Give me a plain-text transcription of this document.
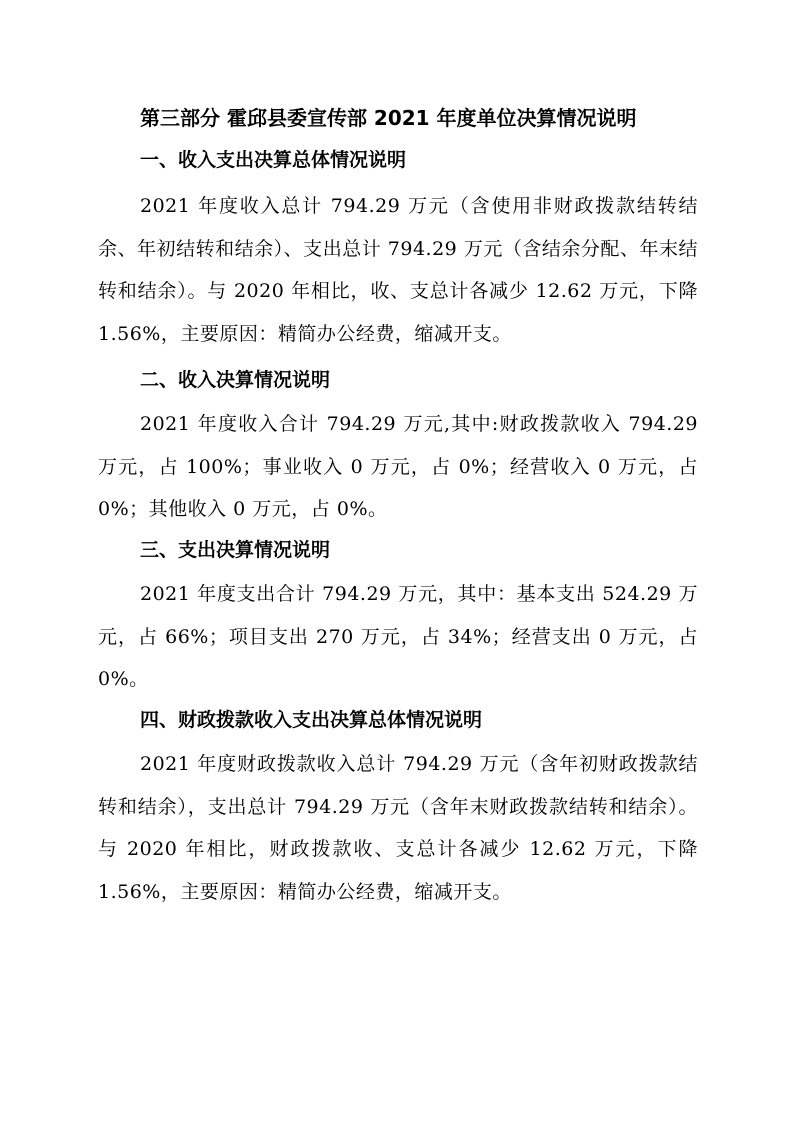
第三部分 霍邱县委宣传部 2021 年度单位决算情况说明
一、收入支出决算总体情况说明
2021 年度收入总计 794.29 万元（含使用非财政拨款结转结余、年初结转和结余）、支出总计 794.29 万元（含结余分配、年末结转和结余）。与 2020 年相比，收、支总计各减少 12.62 万元，下降 1.56%，主要原因：精简办公经费，缩减开支。
二、收入决算情况说明
2021 年度收入合计 794.29 万元,其中:财政拨款收入 794.29 万元，占 100%；事业收入 0 万元，占 0%；经营收入 0 万元，占 0%；其他收入 0 万元，占 0%。
三、支出决算情况说明
2021 年度支出合计 794.29 万元，其中：基本支出 524.29 万元，占 66%；项目支出 270 万元，占 34%；经营支出 0 万元，占 0%。
四、财政拨款收入支出决算总体情况说明
2021 年度财政拨款收入总计 794.29 万元（含年初财政拨款结转和结余），支出总计 794.29 万元（含年末财政拨款结转和结余）。与 2020 年相比，财政拨款收、支总计各减少 12.62 万元，下降 1.56%，主要原因：精简办公经费，缩减开支。
